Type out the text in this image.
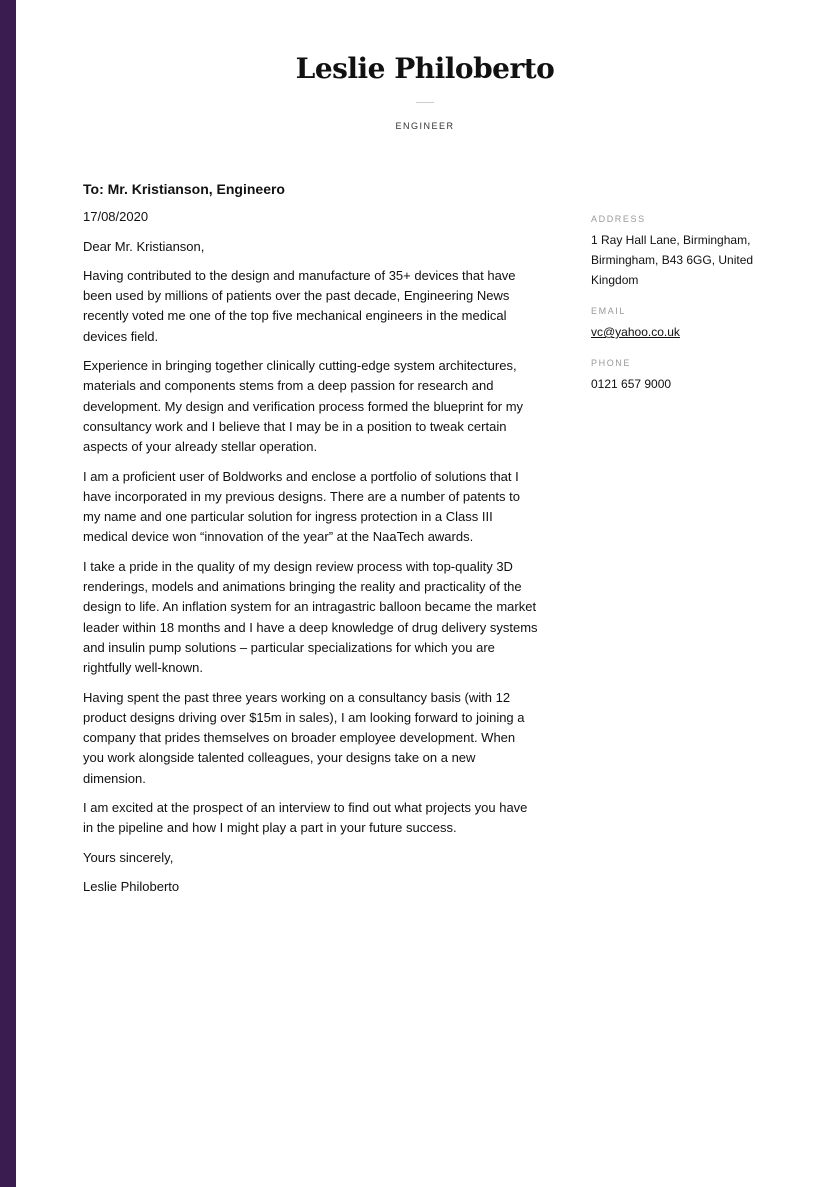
Leslie Philoberto
ENGINEER
To: Mr. Kristianson, Engineero

17/08/2020

Dear Mr. Kristianson,

Having contributed to the design and manufacture of 35+ devices that have been used by millions of patients over the past decade, Engineering News recently voted me one of the top five mechanical engineers in the medical devices field.

Experience in bringing together clinically cutting-edge system architectures, materials and components stems from a deep passion for research and development. My design and verification process formed the blueprint for my consultancy work and I believe that I may be in a position to tweak certain aspects of your already stellar operation.

I am a proficient user of Boldworks and enclose a portfolio of solutions that I have incorporated in my previous designs. There are a number of patents to my name and one particular solution for ingress protection in a Class III medical device won “innovation of the year” at the NaaTech awards.

I take a pride in the quality of my design review process with top-quality 3D renderings, models and animations bringing the reality and practicality of the design to life. An inflation system for an intragastric balloon became the market leader within 18 months and I have a deep knowledge of drug delivery systems and insulin pump solutions – particular specializations for which you are rightfully well-known.

Having spent the past three years working on a consultancy basis (with 12 product designs driving over $15m in sales), I am looking forward to joining a company that prides themselves on broader employee development. When you work alongside talented colleagues, your designs take on a new dimension.

I am excited at the prospect of an interview to find out what projects you have in the pipeline and how I might play a part in your future success.

Yours sincerely,

Leslie Philoberto

ADDRESS
1 Ray Hall Lane, Birmingham, Birmingham, B43 6GG, United Kingdom
EMAIL
vc@yahoo.co.uk
PHONE
0121 657 9000
